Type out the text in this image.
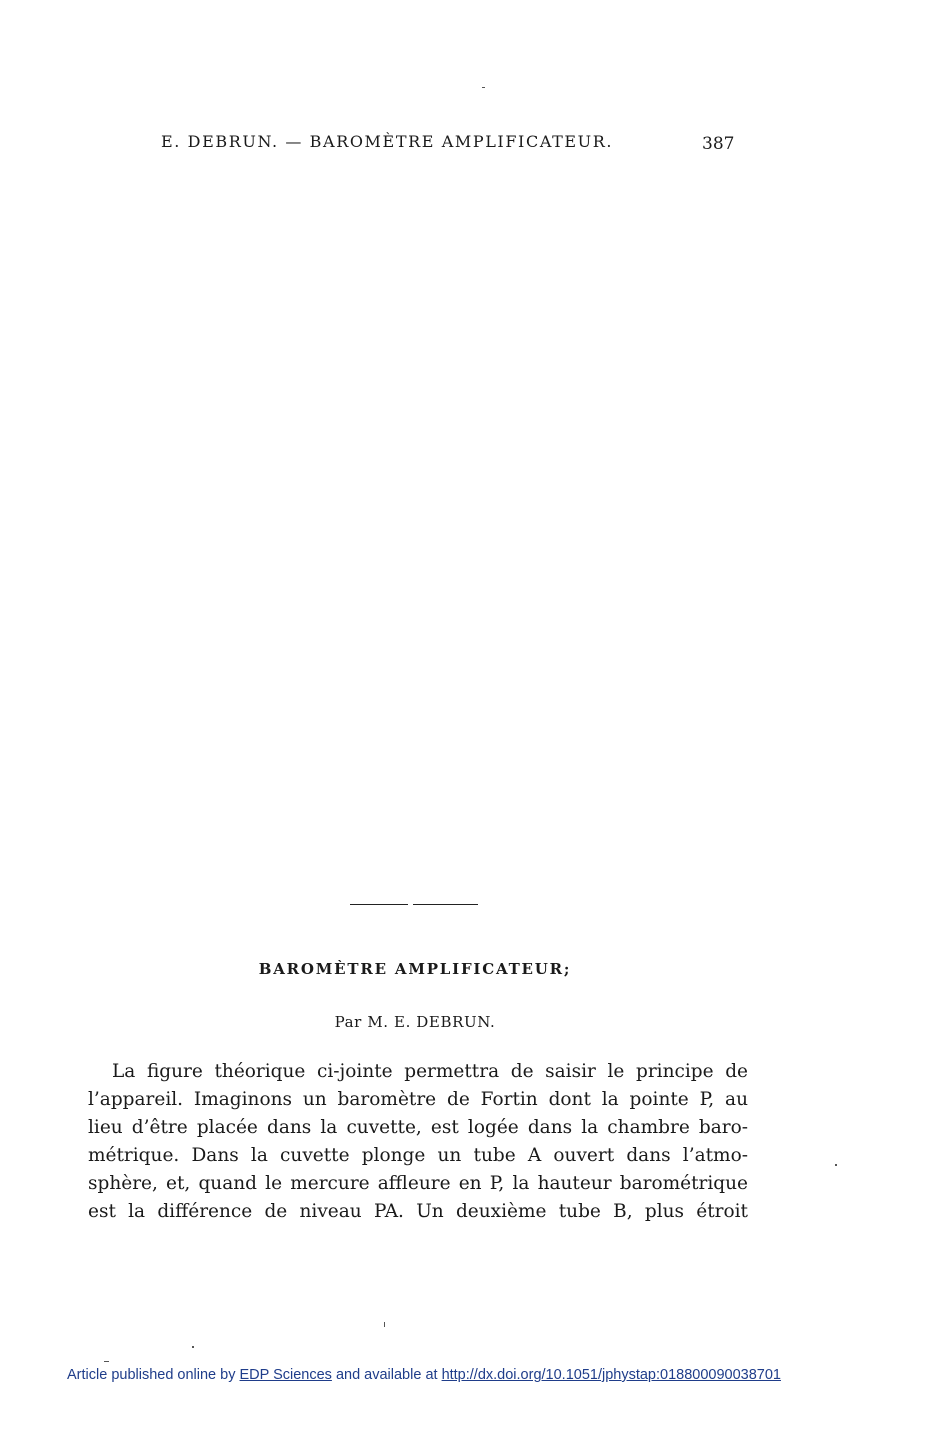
E. DEBRUN. — BAROMÈTRE AMPLIFICATEUR.	387
BAROMÈTRE AMPLIFICATEUR;
Par M. E. DEBRUN.
La figure théorique ci-jointe permettra de saisir le principe de
l’appareil. Imaginons un baromètre de Fortin dont la pointe P, au
lieu d’être placée dans la cuvette, est logée dans la chambre baro-
métrique. Dans la cuvette plonge un tube A ouvert dans l’atmo-
sphère, et, quand le mercure affleure en P, la hauteur barométrique
est la différence de niveau PA. Un deuxième tube B, plus étroit
Article published online by EDP Sciences and available at http://dx.doi.org/10.1051/jphystap:018800090038701
